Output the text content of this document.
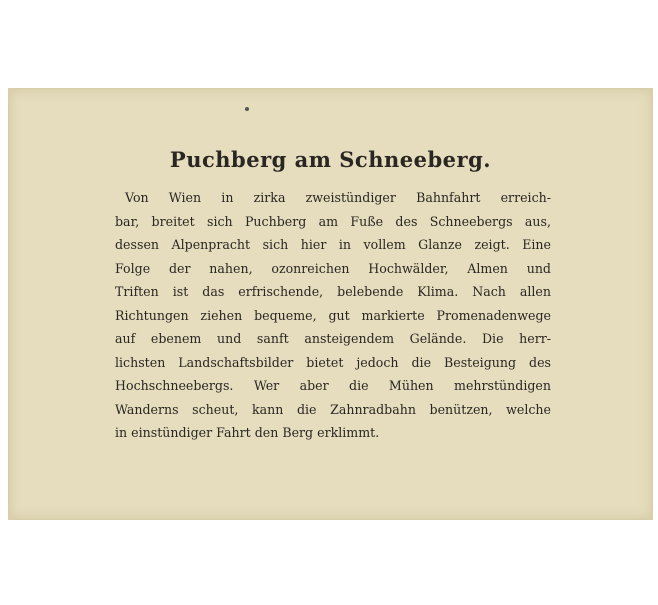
Puchberg am Schneeberg.
Von Wien in zirka zweistündiger Bahnfahrt erreich-
bar, breitet sich Puchberg am Fuße des Schneebergs aus,
dessen Alpenpracht sich hier in vollem Glanze zeigt. Eine
Folge der nahen, ozonreichen Hochwälder, Almen und
Triften ist das erfrischende, belebende Klima. Nach allen
Richtungen ziehen bequeme, gut markierte Promenadenwege
auf ebenem und sanft ansteigendem Gelände. Die herr-
lichsten Landschaftsbilder bietet jedoch die Besteigung des
Hochschneebergs. Wer aber die Mühen mehrstündigen
Wanderns scheut, kann die Zahnradbahn benützen, welche
in einstündiger Fahrt den Berg erklimmt.
